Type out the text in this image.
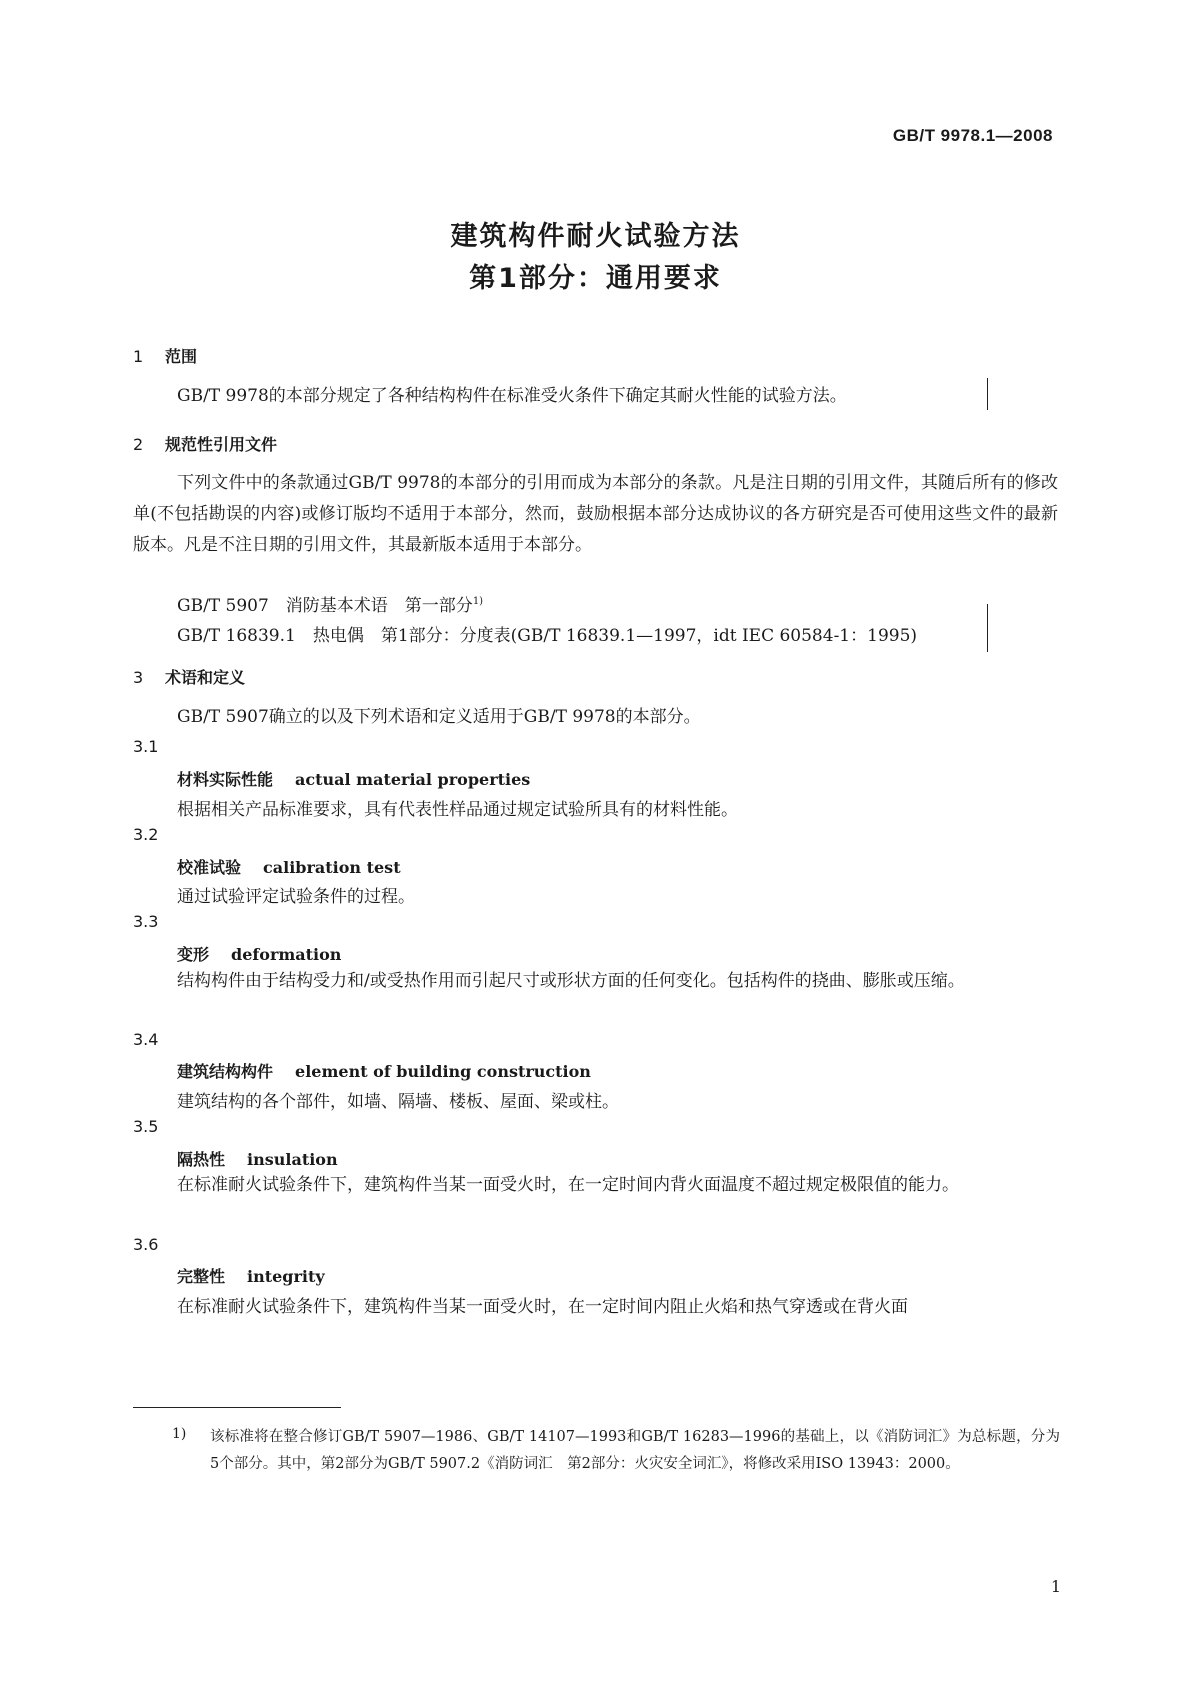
GB/T 9978.1—2008
建筑构件耐火试验方法
第1部分：通用要求
1 范围
GB/T 9978的本部分规定了各种结构构件在标准受火条件下确定其耐火性能的试验方法。
2 规范性引用文件
下列文件中的条款通过GB/T 9978的本部分的引用而成为本部分的条款。凡是注日期的引用文件，其随后所有的修改单(不包括勘误的内容)或修订版均不适用于本部分，然而，鼓励根据本部分达成协议的各方研究是否可使用这些文件的最新版本。凡是不注日期的引用文件，其最新版本适用于本部分。
GB/T 5907　消防基本术语　第一部分$^{1)}$
GB/T 16839.1　热电偶　第1部分：分度表(GB/T 16839.1—1997，idt IEC 60584-1：1995)
3 术语和定义
GB/T 5907确立的以及下列术语和定义适用于GB/T 9978的本部分。
3.1
材料实际性能 actual material properties
根据相关产品标准要求，具有代表性样品通过规定试验所具有的材料性能。
3.2
校准试验 calibration test
通过试验评定试验条件的过程。
3.3
变形 deformation
结构构件由于结构受力和/或受热作用而引起尺寸或形状方面的任何变化。包括构件的挠曲、膨胀或压缩。
3.4
建筑结构构件 element of building construction
建筑结构的各个部件，如墙、隔墙、楼板、屋面、梁或柱。
3.5
隔热性 insulation
在标准耐火试验条件下，建筑构件当某一面受火时，在一定时间内背火面温度不超过规定极限值的能力。
3.6
完整性 integrity
在标准耐火试验条件下，建筑构件当某一面受火时，在一定时间内阻止火焰和热气穿透或在背火面
1) 该标准将在整合修订GB/T 5907—1986、GB/T 14107—1993和GB/T 16283—1996的基础上，以《消防词汇》为总标题，分为5个部分。其中，第2部分为GB/T 5907.2《消防词汇　第2部分：火灾安全词汇》，将修改采用ISO 13943：2000。
1
